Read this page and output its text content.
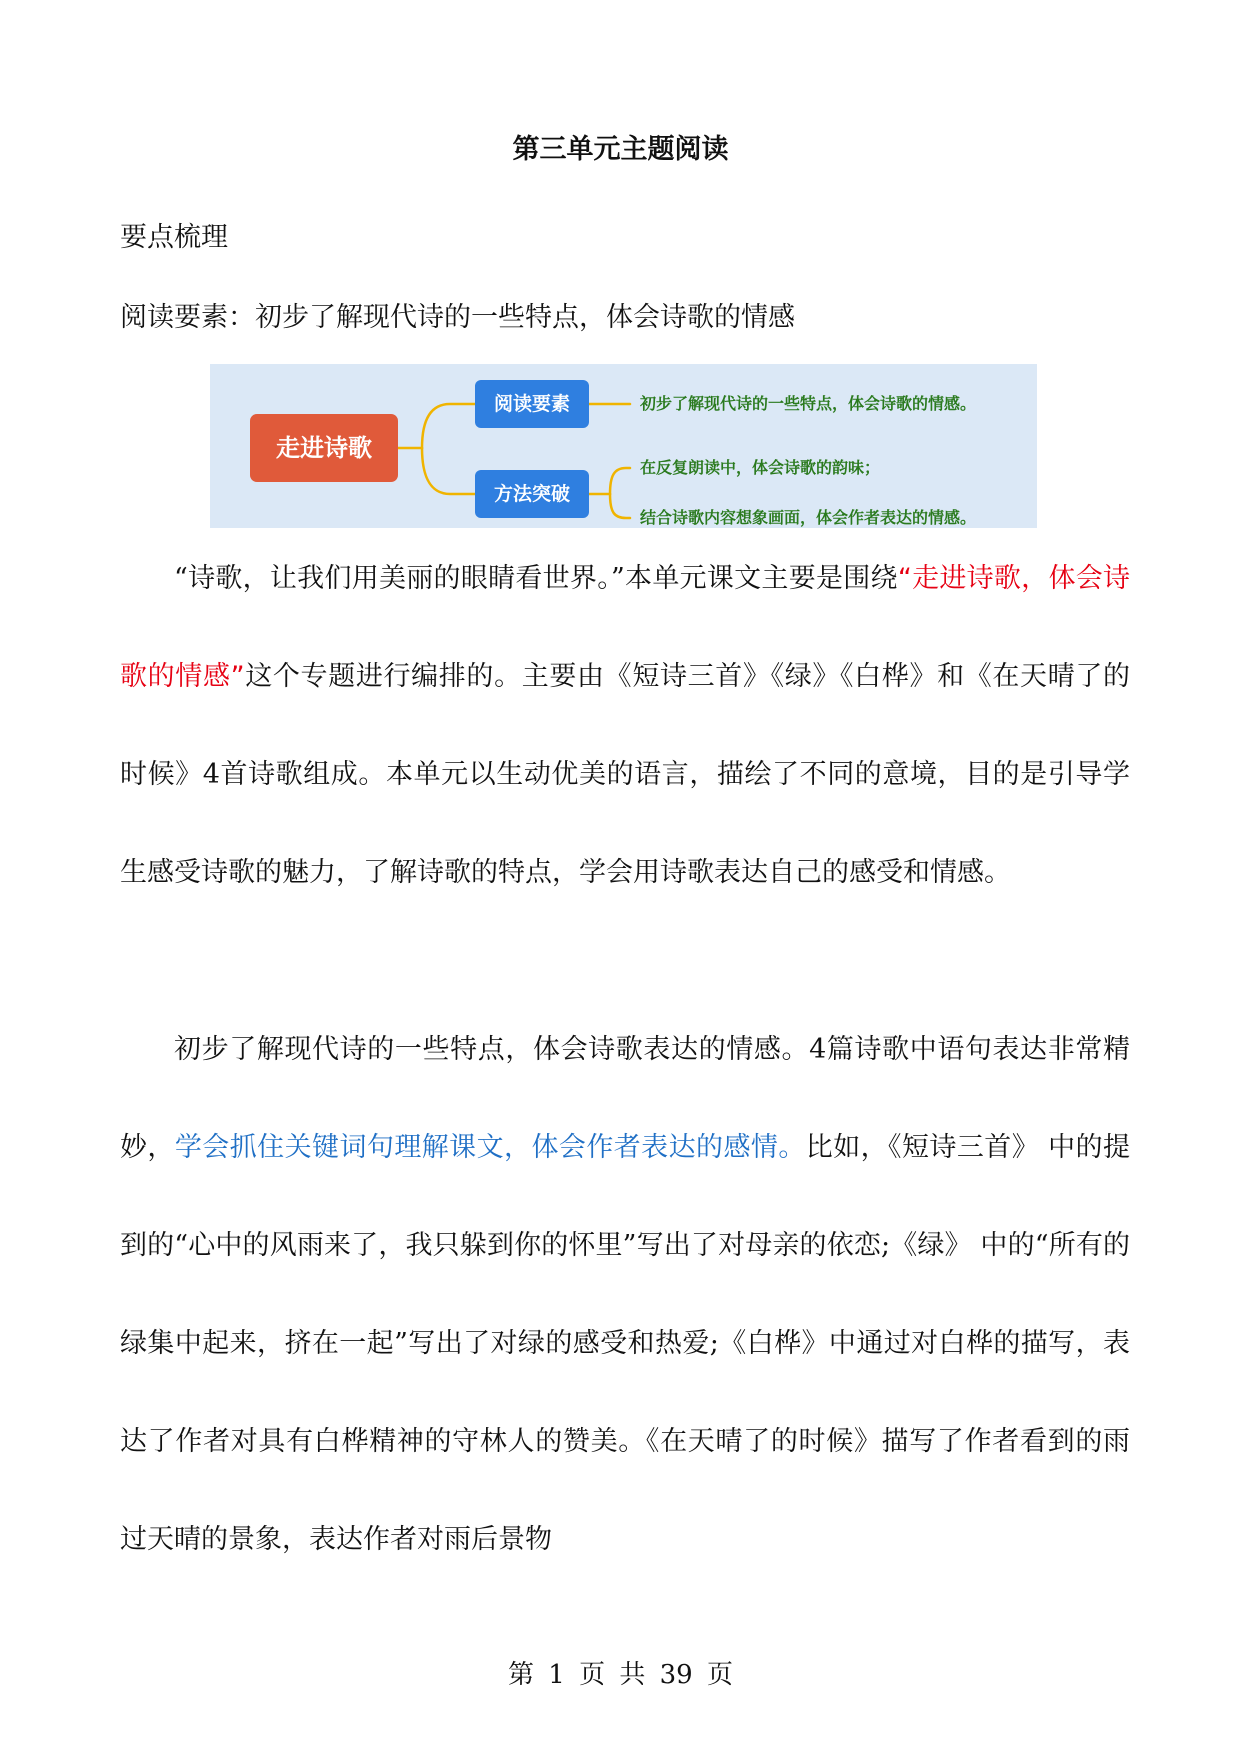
第三单元主题阅读
要点梳理
阅读要素：初步了解现代诗的一些特点，体会诗歌的情感
走进诗歌
阅读要素
方法突破
初步了解现代诗的一些特点，体会诗歌的情感。
在反复朗读中，体会诗歌的韵味；
结合诗歌内容想象画面，体会作者表达的情感。

“诗歌，让我们用美丽的眼睛看世界。”本单元课文主要是围绕“走进诗歌，体会诗歌的情感”这个专题进行编排的。主要由《短诗三首》《绿》《白桦》和《在天晴了的时候》4首诗歌组成。本单元以生动优美的语言，描绘了不同的意境，目的是引导学生感受诗歌的魅力，了解诗歌的特点，学会用诗歌表达自己的感受和情感。

初步了解现代诗的一些特点，体会诗歌表达的情感。4篇诗歌中语句表达非常精妙，学会抓住关键词句理解课文，体会作者表达的感情。比如，《短诗三首》 中的提到的“心中的风雨来了，我只躲到你的怀里”写出了对母亲的依恋;《绿》 中的“所有的绿集中起来，挤在一起”写出了对绿的感受和热爱;《白桦》中通过对白桦的描写，表达了作者对具有白桦精神的守林人的赞美。《在天晴了的时候》描写了作者看到的雨过天晴的景象，表达作者对雨后景物

第 1 页 共 39 页
